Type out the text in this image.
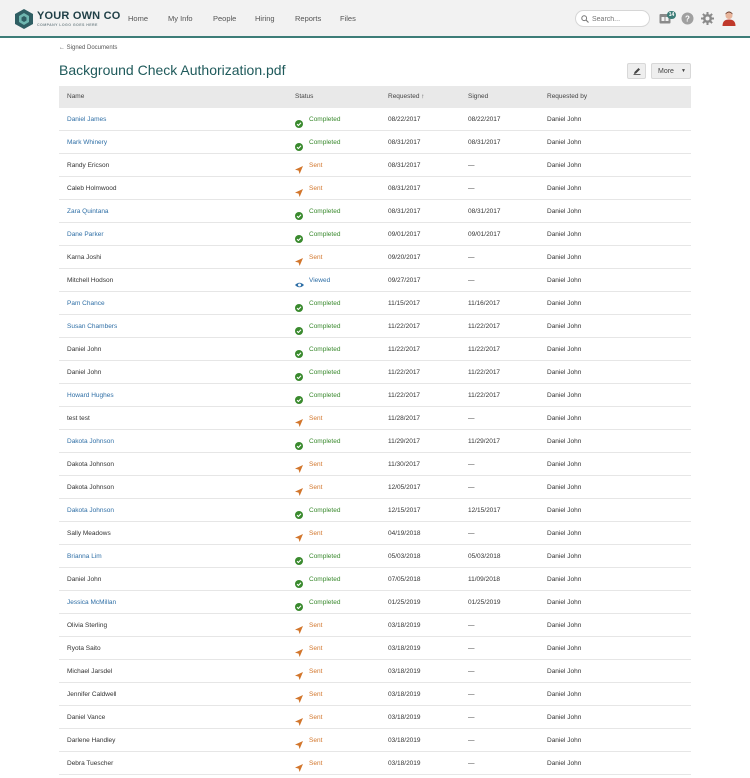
YOUR OWN CO
COMPANY LOGO GOES HERE
Home	My Info	People Hiring	Reports Files
Search...	14 ?
← Signed Documents
Background Check Authorization.pdf	More ▼
Name	Status	Requested ↑	Signed	Requested by
Daniel James	Completed	08/22/2017	08/22/2017	Daniel John
Mark Whinery	Completed	08/31/2017	08/31/2017	Daniel John
Randy Ericson	Sent	08/31/2017	—	Daniel John
Caleb Holmwood	Sent	08/31/2017	—	Daniel John
Zara Quintana	Completed	08/31/2017	08/31/2017	Daniel John
Dane Parker	Completed	09/01/2017	09/01/2017	Daniel John
Karna Joshi	Sent	09/20/2017	—	Daniel John
Mitchell Hodson	Viewed	09/27/2017	—	Daniel John
Pam Chance	Completed	11/15/2017	11/16/2017	Daniel John
Susan Chambers	Completed	11/22/2017	11/22/2017	Daniel John
Daniel John	Completed	11/22/2017	11/22/2017	Daniel John
Daniel John	Completed	11/22/2017	11/22/2017	Daniel John
Howard Hughes	Completed	11/22/2017	11/22/2017	Daniel John
test test	Sent	11/28/2017	—	Daniel John
Dakota Johnson	Completed	11/29/2017	11/29/2017	Daniel John
Dakota Johnson	Sent	11/30/2017	—	Daniel John
Dakota Johnson	Sent	12/05/2017	—	Daniel John
Dakota Johnson	Completed	12/15/2017	12/15/2017	Daniel John
Sally Meadows	Sent	04/19/2018	—	Daniel John
Brianna Lim	Completed	05/03/2018	05/03/2018	Daniel John
Daniel John	Completed	07/05/2018	11/09/2018	Daniel John
Jessica McMillan	Completed	01/25/2019	01/25/2019	Daniel John
Olivia Sterling	Sent	03/18/2019	—	Daniel John
Ryota Saito	Sent	03/18/2019	—	Daniel John
Michael Jarsdel	Sent	03/18/2019	—	Daniel John
Jennifer Caldwell	Sent	03/18/2019	—	Daniel John
Daniel Vance	Sent	03/18/2019	—	Daniel John
Darlene Handley	Sent	03/18/2019	—	Daniel John
Debra Tuescher	Sent	03/18/2019	—	Daniel John
